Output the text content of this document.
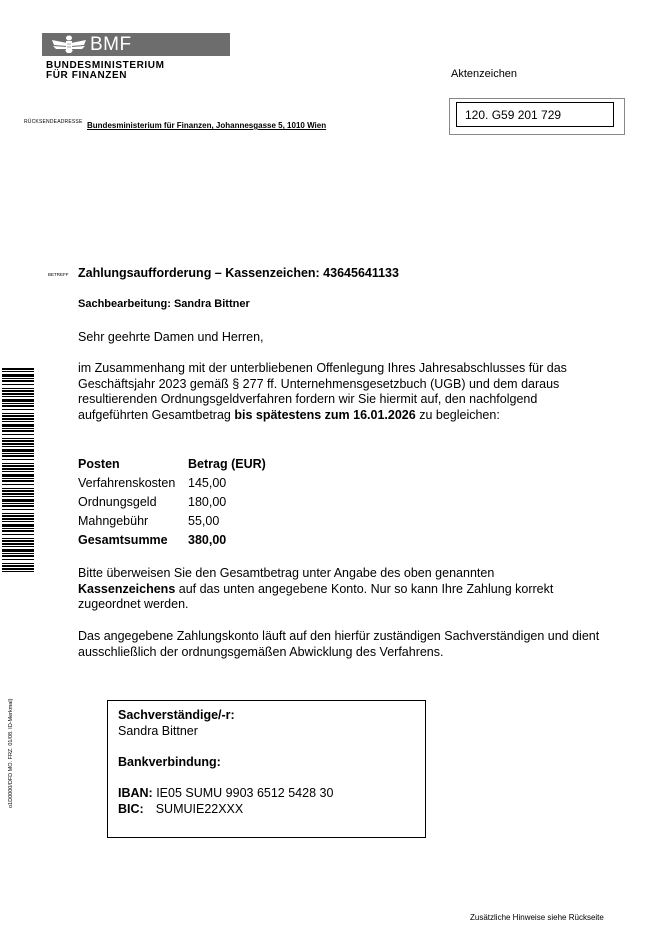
BMF
BUNDESMINISTERIUM
FÜR FINANZEN	Aktenzeichen
120. G59 201 729
RÜCKSENDEADRESSE Bundesministerium für Finanzen, Johannesgasse 5, 1010 Wien
BETREFF Zahlungsaufforderung – Kassenzeichen: 43645641133
Sachbearbeitung: Sandra Bittner
Sehr geehrte Damen und Herren,
im Zusammenhang mit der unterbliebenen Offenlegung Ihres Jahresabschlusses für das Geschäftsjahr 2023 gemäß § 277 ff. Unternehmensgesetzbuch (UGB) und dem daraus resultierenden Ordnungsgeldverfahren fordern wir Sie hiermit auf, den nachfolgend aufgeführten Gesamtbetrag bis spätestens zum 16.01.2026 zu begleichen:
Posten	Betrag (EUR)
Verfahrenskosten	145,00
Ordnungsgeld	180,00
Mahngebühr	55,00
Gesamtsumme	380,00
Bitte überweisen Sie den Gesamtbetrag unter Angabe des oben genannten Kassenzeichens auf das unten angegebene Konto. Nur so kann Ihre Zahlung korrekt zugeordnet werden.
Das angegebene Zahlungskonto läuft auf den hierfür zuständigen Sachverständigen und dient ausschließlich der ordnungsgemäßen Abwicklung des Verfahrens.
Sachverständige/-r:
Sandra Bittner
Bankverbindung:
IBAN: IE05 SUMU 9903 6512 5428 30
BIC: SUMUIE22XXX
o1D0000/DFD MO. FRZ. 01/08. ID-Merkmal)
Zusätzliche Hinweise siehe Rückseite
